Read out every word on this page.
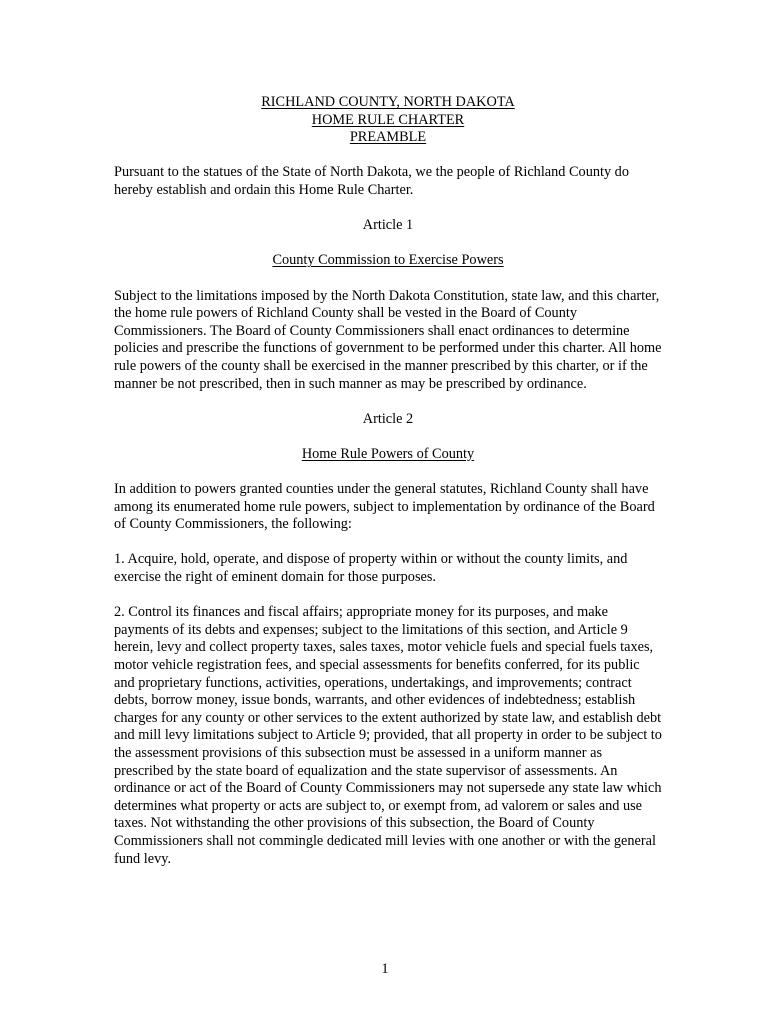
RICHLAND COUNTY, NORTH DAKOTA

HOME RULE CHARTER

PREAMBLE

Pursuant to the statues of the State of North Dakota, we the people of Richland County do hereby establish and ordain this Home Rule Charter.

Article 1

County Commission to Exercise Powers

Subject to the limitations imposed by the North Dakota Constitution, state law, and this charter, the home rule powers of Richland County shall be vested in the Board of County Commissioners. The Board of County Commissioners shall enact ordinances to determine policies and prescribe the functions of government to be performed under this charter. All home rule powers of the county shall be exercised in the manner prescribed by this charter, or if the manner be not prescribed, then in such manner as may be prescribed by ordinance.

Article 2

Home Rule Powers of County

In addition to powers granted counties under the general statutes, Richland County shall have among its enumerated home rule powers, subject to implementation by ordinance of the Board of County Commissioners, the following:

1. Acquire, hold, operate, and dispose of property within or without the county limits, and exercise the right of eminent domain for those purposes.

2. Control its finances and fiscal affairs; appropriate money for its purposes, and make payments of its debts and expenses; subject to the limitations of this section, and Article 9 herein, levy and collect property taxes, sales taxes, motor vehicle fuels and special fuels taxes, motor vehicle registration fees, and special assessments for benefits conferred, for its public and proprietary functions, activities, operations, undertakings, and improvements; contract debts, borrow money, issue bonds, warrants, and other evidences of indebtedness; establish charges for any county or other services to the extent authorized by state law, and establish debt and mill levy limitations subject to Article 9; provided, that all property in order to be subject to the assessment provisions of this subsection must be assessed in a uniform manner as prescribed by the state board of equalization and the state supervisor of assessments. An ordinance or act of the Board of County Commissioners may not supersede any state law which determines what property or acts are subject to, or exempt from, ad valorem or sales and use taxes. Not withstanding the other provisions of this subsection, the Board of County Commissioners shall not commingle dedicated mill levies with one another or with the general fund levy.

1
